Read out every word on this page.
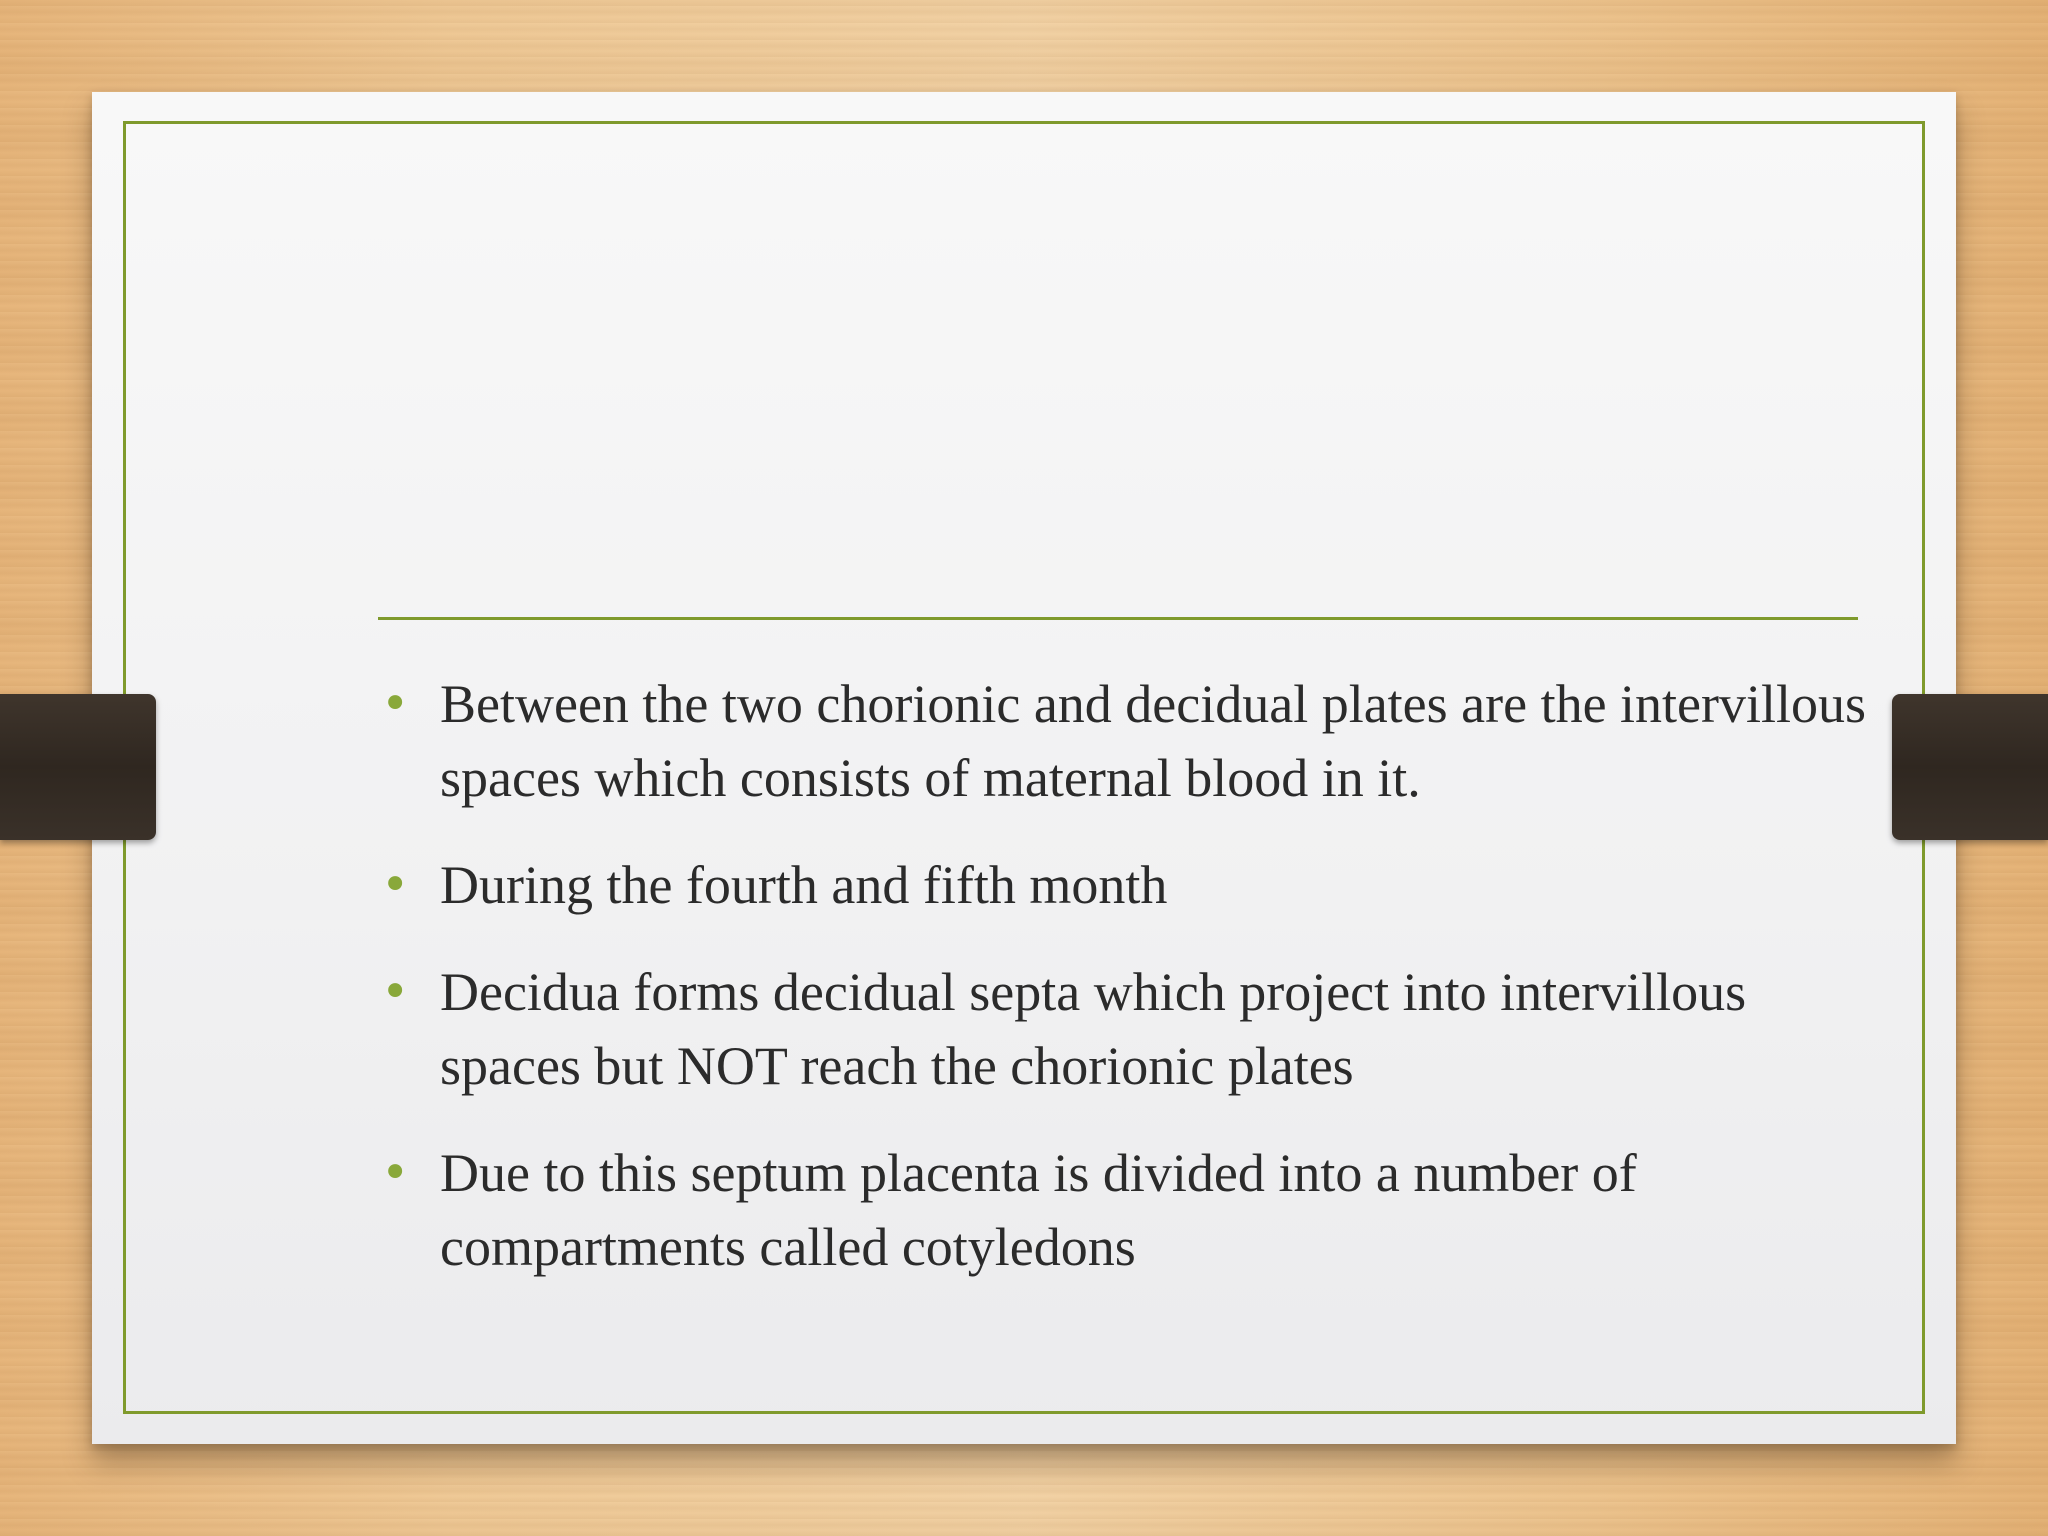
• Between the two chorionic and decidual plates are the intervillous spaces which consists of maternal blood in it.
• During the fourth and fifth month
• Decidua forms decidual septa which project into intervillous spaces but NOT reach the chorionic plates
• Due to this septum placenta is divided into a number of compartments called cotyledons
